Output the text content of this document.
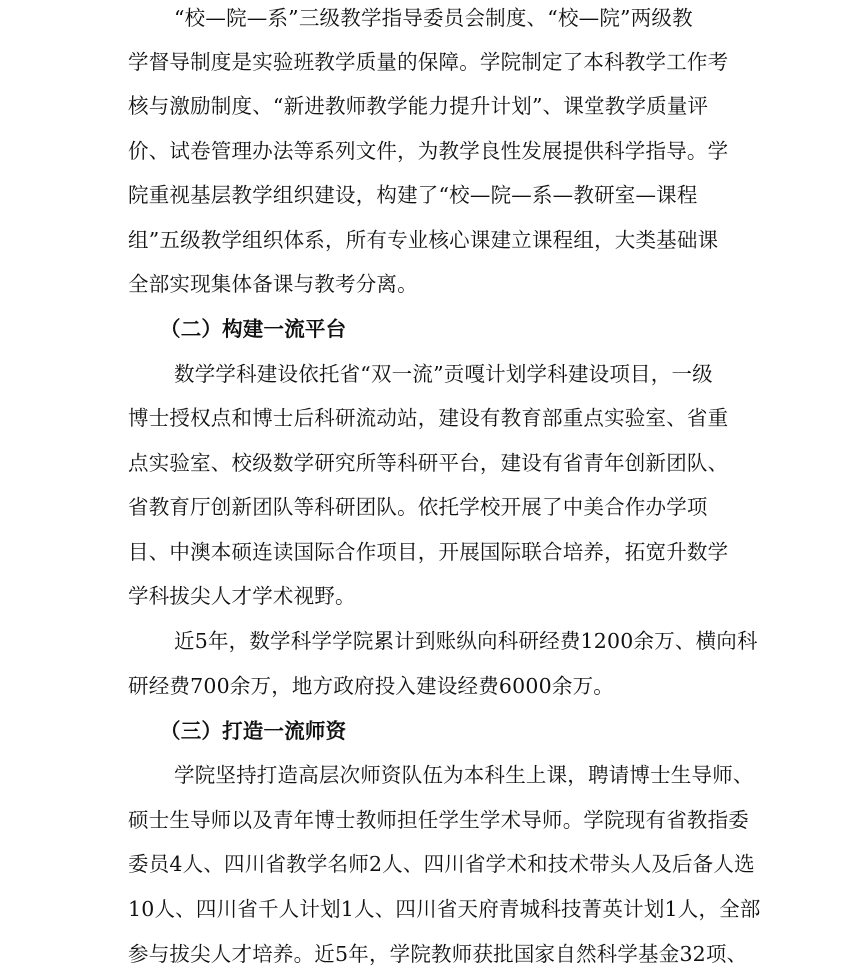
“校—院—系”三级教学指导委员会制度、“校—院”两级教
学督导制度是实验班教学质量的保障。学院制定了本科教学工作考
核与激励制度、“新进教师教学能力提升计划”、课堂教学质量评
价、试卷管理办法等系列文件，为教学良性发展提供科学指导。学
院重视基层教学组织建设，构建了“校—院—系—教研室—课程
组”五级教学组织体系，所有专业核心课建立课程组，大类基础课
全部实现集体备课与教考分离。
（二）构建一流平台
数学学科建设依托省“双一流”贡嘎计划学科建设项目，一级
博士授权点和博士后科研流动站，建设有教育部重点实验室、省重
点实验室、校级数学研究所等科研平台，建设有省青年创新团队、
省教育厅创新团队等科研团队。依托学校开展了中美合作办学项
目、中澳本硕连读国际合作项目，开展国际联合培养，拓宽升数学
学科拔尖人才学术视野。
近5年，数学科学学院累计到账纵向科研经费1200余万、横向科
研经费700余万，地方政府投入建设经费6000余万。
（三）打造一流师资
学院坚持打造高层次师资队伍为本科生上课，聘请博士生导师、
硕士生导师以及青年博士教师担任学生学术导师。学院现有省教指委
委员4人、四川省教学名师2人、四川省学术和技术带头人及后备人选
10人、四川省千人计划1人、四川省天府青城科技菁英计划1人，全部
参与拔尖人才培养。近5年，学院教师获批国家自然科学基金32项、
